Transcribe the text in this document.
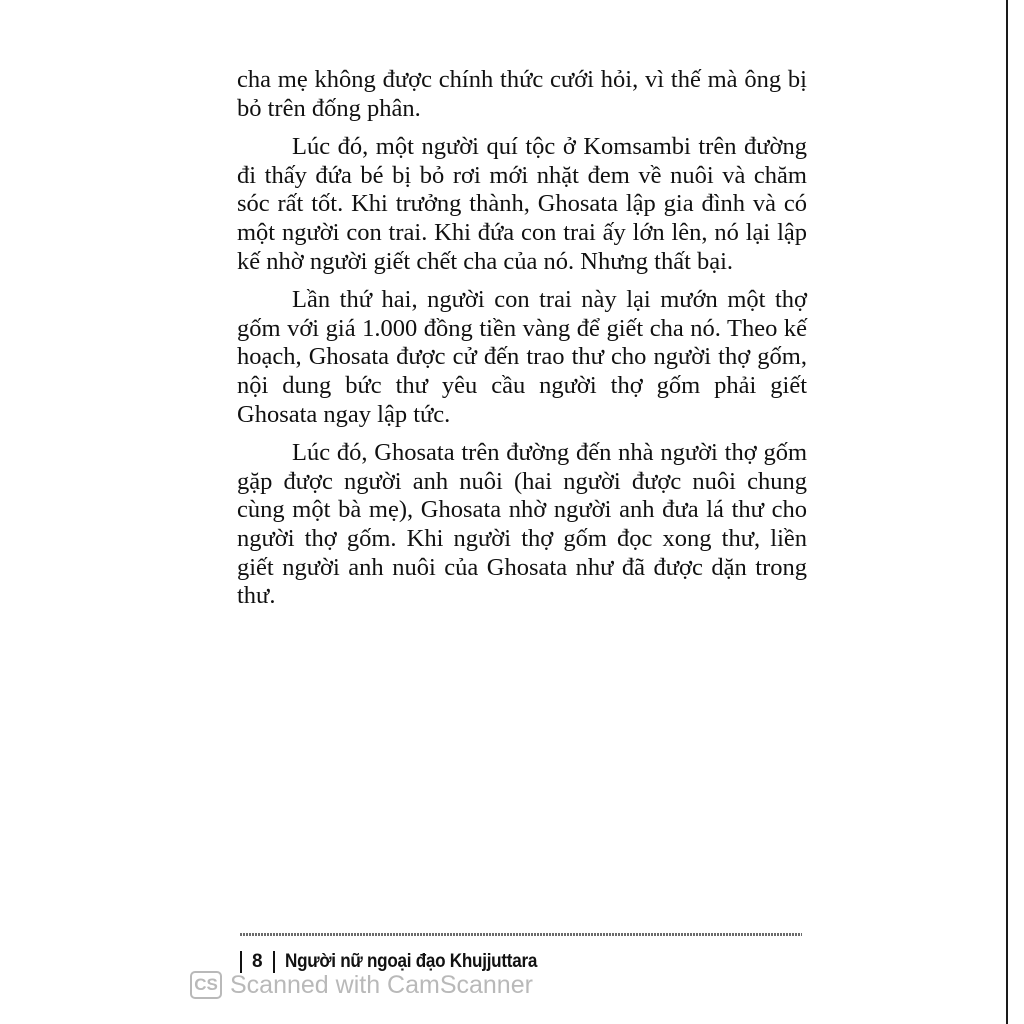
cha mẹ không được chính thức cưới hỏi, vì thế mà ông bị bỏ trên đống phân.

Lúc đó, một người quí tộc ở Komsambi trên đường đi thấy đứa bé bị bỏ rơi mới nhặt đem về nuôi và chăm sóc rất tốt. Khi trưởng thành, Ghosata lập gia đình và có một người con trai. Khi đứa con trai ấy lớn lên, nó lại lập kế nhờ người giết chết cha của nó. Nhưng thất bại.

Lần thứ hai, người con trai này lại mướn một thợ gốm với giá 1.000 đồng tiền vàng để giết cha nó. Theo kế hoạch, Ghosata được cử đến trao thư cho người thợ gốm, nội dung bức thư yêu cầu người thợ gốm phải giết Ghosata ngay lập tức.

Lúc đó, Ghosata trên đường đến nhà người thợ gốm gặp được người anh nuôi (hai người được nuôi chung cùng một bà mẹ), Ghosata nhờ người anh đưa lá thư cho người thợ gốm. Khi người thợ gốm đọc xong thư, liền giết người anh nuôi của Ghosata như đã được dặn trong thư.

8 Người nữ ngoại đạo Khujjuttara
CS Scanned with CamScanner
